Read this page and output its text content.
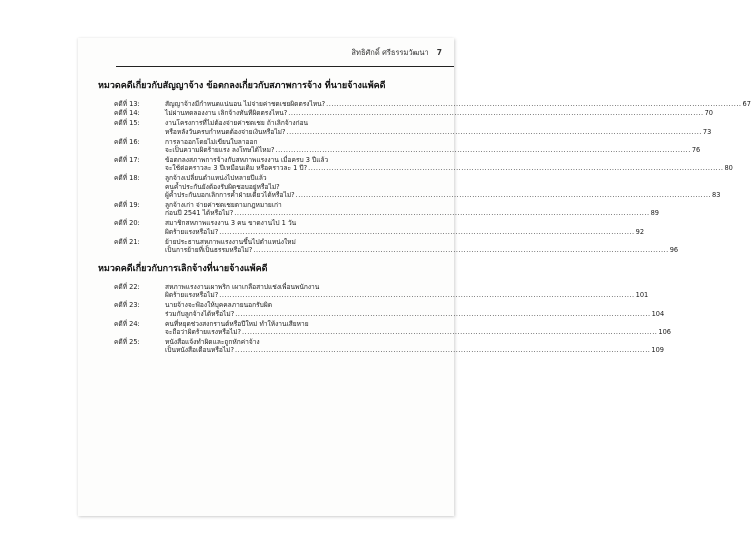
สิทธิศักดิ์ ศรีธรรมวัฒนา 7
หมวดคดีเกี่ยวกับสัญญาจ้าง ข้อตกลงเกี่ยวกับสภาพการจ้าง ที่นายจ้างแพ้คดี
คดีที่ 13:	สัญญาจ้างมีกำหนดแน่นอน ไม่จ่ายค่าชดเชยผิดตรงไหน? .....	67
คดีที่ 14:	ไม่ผ่านทดลองงาน เลิกจ้างทันทีผิดตรงไหน? .....	70
คดีที่ 15:	งานโครงการที่ไม่ต้องจ่ายค่าชดเชย ถ้าเลิกจ้างก่อน
หรือหลังวันครบกำหนดต้องจ่ายเงินหรือไม่? .....	73
คดีที่ 16:	การลาออกโดยไม่เขียนใบลาออก
จะเป็นความผิดร้ายแรง ลงโทษได้ไหม? .....	76
คดีที่ 17:	ข้อตกลงสภาพการจ้างกับสหภาพแรงงาน เมื่อครบ 3 ปีแล้ว
จะใช้ต่อคราวละ 3 ปีเหมือนเดิม หรือคราวละ 1 ปี? .....	80
คดีที่ 18:	ลูกจ้างเปลี่ยนตำแหน่งไปหลายปีแล้ว
คนค้ำประกันยังต้องรับผิดชอบอยู่หรือไม่?
ผู้ค้ำประกันบอกเลิกการค้ำฝ่ายเดียวได้หรือไม่? .....	83
คดีที่ 19:	ลูกจ้างเก่า จ่ายค่าชดเชยตามกฎหมายเก่า
ก่อนปี 2541 ได้หรือไม่? .....	89
คดีที่ 20:	สมาชิกสหภาพแรงงาน 3 คน ขาดงานไป 1 วัน
ผิดร้ายแรงหรือไม่? .....	92
คดีที่ 21:	ย้ายประธานสหภาพแรงงานขึ้นไปตำแหน่งใหม่
เป็นการย้ายที่เป็นธรรมหรือไม่? .....	96
หมวดคดีเกี่ยวกับการเลิกจ้างที่นายจ้างแพ้คดี
คดีที่ 22:	สหภาพแรงงานเผาพริก เผาเกลือสาปแช่งเพื่อนพนักงาน
ผิดร้ายแรงหรือไม่? .....	101
คดีที่ 23:	นายจ้างจะฟ้องให้บุคคลภายนอกรับผิด
ร่วมกับลูกจ้างได้หรือไม่? .....	104
คดีที่ 24:	คนที่หยุดช่วงสงกรานต์หรือปีใหม่ ทำให้งานเสียหาย
จะถือว่าผิดร้ายแรงหรือไม่? .....	106
คดีที่ 25:	หนังสือแจ้งทำผิดและถูกหักค่าจ้าง
เป็นหนังสือเตือนหรือไม่? .....	109
